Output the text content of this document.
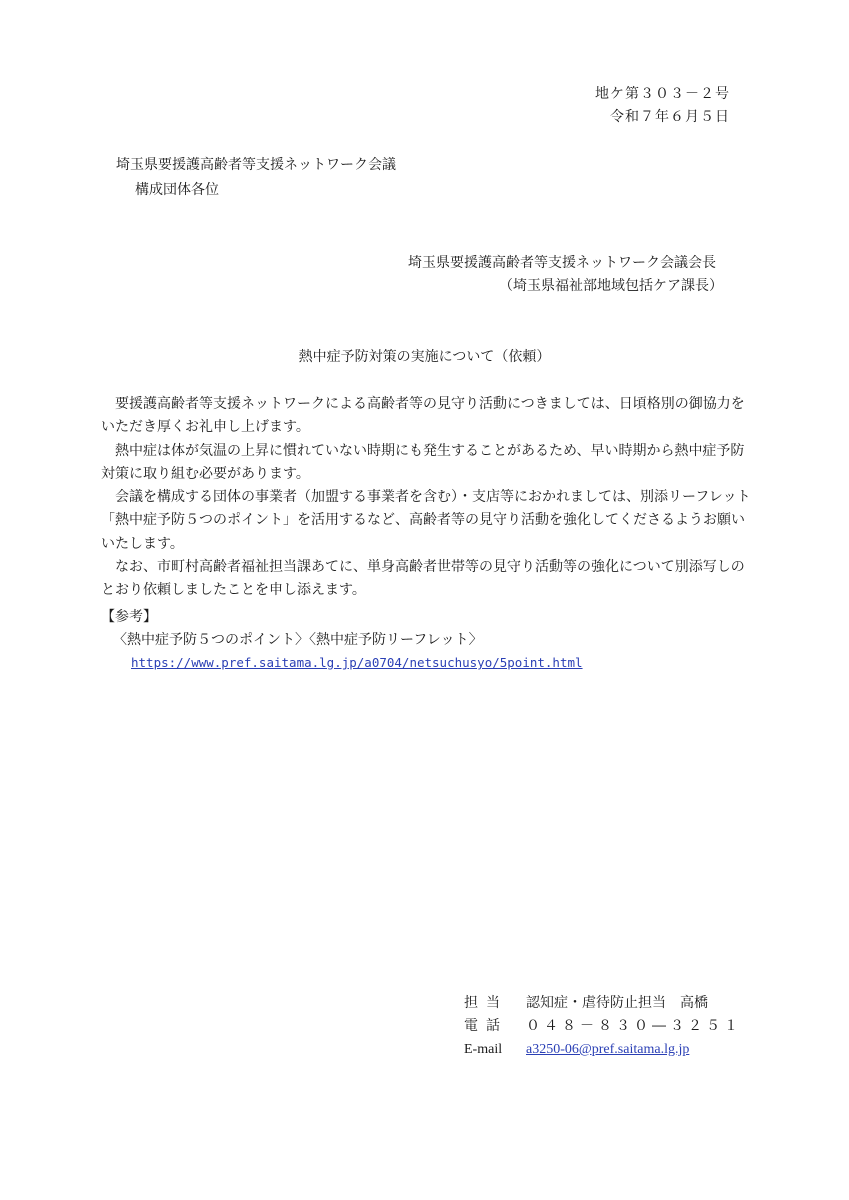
地ケ第３０３－２号
令和７年６月５日
埼玉県要援護高齢者等支援ネットワーク会議
構成団体各位
埼玉県要援護高齢者等支援ネットワーク会議会長
（埼玉県福祉部地域包括ケア課長）
熱中症予防対策の実施について（依頼）

要援護高齢者等支援ネットワークによる高齢者等の見守り活動につきましては、日頃格別の御協力をいただき厚くお礼申し上げます。

熱中症は体が気温の上昇に慣れていない時期にも発生することがあるため、早い時期から熱中症予防対策に取り組む必要があります。

会議を構成する団体の事業者（加盟する事業者を含む）・支店等におかれましては、別添リーフレット「熱中症予防５つのポイント」を活用するなど、高齢者等の見守り活動を強化してくださるようお願いいたします。

なお、市町村高齢者福祉担当課あてに、単身高齢者世帯等の見守り活動等の強化について別添写しのとおり依頼しましたことを申し添えます。

【参考】
〈熱中症予防５つのポイント〉〈熱中症予防リーフレット〉
https://www.pref.saitama.lg.jp/a0704/netsuchusyo/5point.html
担当	認知症・虐待防止担当　高橋
電話	０４８－８３０―３２５１
E-mail	a3250-06@pref.saitama.lg.jp
